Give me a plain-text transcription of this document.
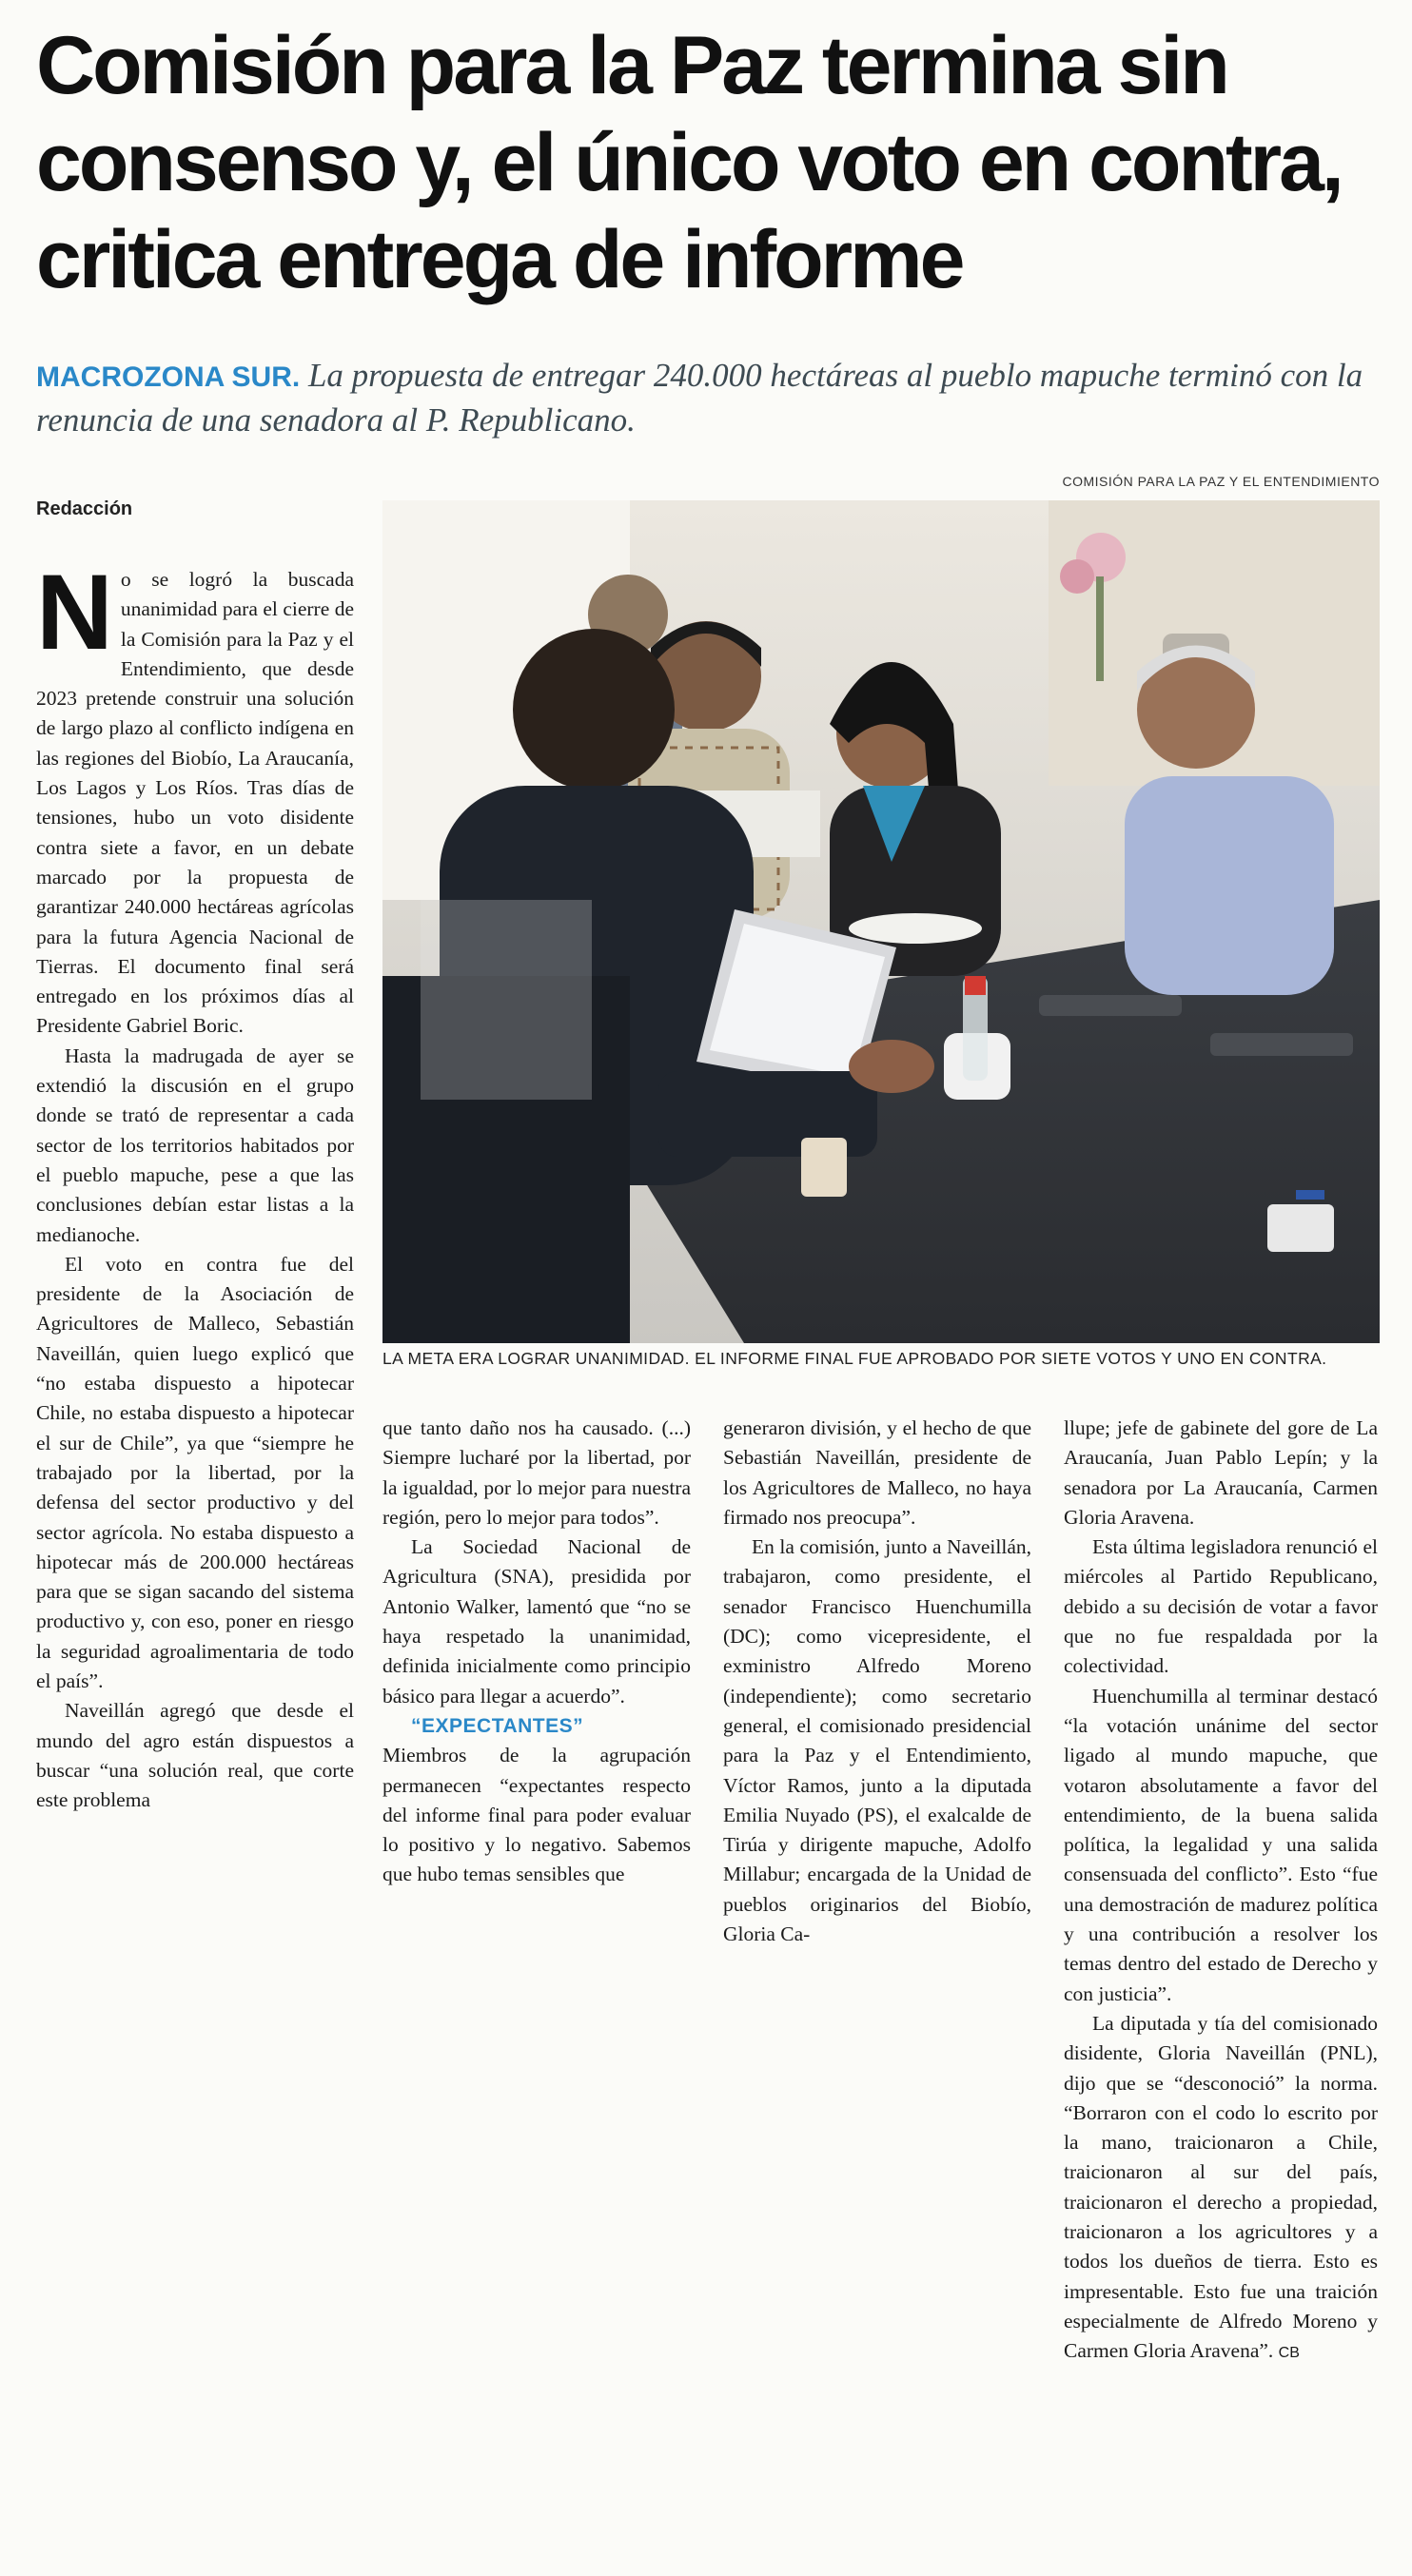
Comisión para la Paz termina sin consenso y, el único voto en contra, critica entrega de informe
MACROZONA SUR. La propuesta de entregar 240.000 hectáreas al pueblo mapuche terminó con la renuncia de una senadora al P. Republicano.
COMISIÓN PARA LA PAZ Y EL ENTENDIMIENTO
Redacción
LA META ERA LOGRAR UNANIMIDAD. EL INFORME FINAL FUE APROBADO POR SIETE VOTOS Y UNO EN CONTRA.
N o se logró la buscada unanimidad para el cierre de la Comisión para la Paz y el Entendimiento, que desde 2023 pretende construir una solución de largo plazo al conflicto indígena en las regiones del Biobío, La Araucanía, Los Lagos y Los Ríos. Tras días de tensiones, hubo un voto disidente contra siete a favor, en un debate marcado por la propuesta de garantizar 240.000 hectáreas agrícolas para la futura Agencia Nacional de Tierras. El documento final será entregado en los próximos días al Presidente Gabriel Boric.

Hasta la madrugada de ayer se extendió la discusión en el grupo donde se trató de representar a cada sector de los territorios habitados por el pueblo mapuche, pese a que las conclusiones debían estar listas a la medianoche.

El voto en contra fue del presidente de la Asociación de Agricultores de Malleco, Sebastián Naveillán, quien luego explicó que “no estaba dispuesto a hipotecar Chile, no estaba dispuesto a hipotecar el sur de Chile”, ya que “siempre he trabajado por la libertad, por la defensa del sector productivo y del sector agrícola. No estaba dispuesto a hipotecar más de 200.000 hectáreas para que se sigan sacando del sistema productivo y, con eso, poner en riesgo la seguridad agroalimentaria de todo el país”.

Naveillán agregó que desde el mundo del agro están dispuestos a buscar “una solución real, que corte este problema

que tanto daño nos ha causado. (...) Siempre lucharé por la libertad, por la igualdad, por lo mejor para nuestra región, pero lo mejor para todos”.

La Sociedad Nacional de Agricultura (SNA), presidida por Antonio Walker, lamentó que “no se haya respetado la unanimidad, definida inicialmente como principio básico para llegar a acuerdo”.

“EXPECTANTES”

Miembros de la agrupación permanecen “expectantes respecto del informe final para poder evaluar lo positivo y lo negativo. Sabemos que hubo temas sensibles que

generaron división, y el hecho de que Sebastián Naveillán, presidente de los Agricultores de Malleco, no haya firmado nos preocupa”.

En la comisión, junto a Naveillán, trabajaron, como presidente, el senador Francisco Huenchumilla (DC); como vicepresidente, el exministro Alfredo Moreno (independiente); como secretario general, el comisionado presidencial para la Paz y el Entendimiento, Víctor Ramos, junto a la diputada Emilia Nuyado (PS), el exalcalde de Tirúa y dirigente mapuche, Adolfo Millabur; encargada de la Unidad de pueblos originarios del Biobío, Gloria Ca-

llupe; jefe de gabinete del gore de La Araucanía, Juan Pablo Lepín; y la senadora por La Araucanía, Carmen Gloria Aravena.

Esta última legisladora renunció el miércoles al Partido Republicano, debido a su decisión de votar a favor que no fue respaldada por la colectividad.

Huenchumilla al terminar destacó “la votación unánime del sector ligado al mundo mapuche, que votaron absolutamente a favor del entendimiento, de la buena salida política, la legalidad y una salida consensuada del conflicto”. Esto “fue una demostración de madurez política y una contribución a resolver los temas dentro del estado de Derecho y con justicia”.

La diputada y tía del comisionado disidente, Gloria Naveillán (PNL), dijo que se “desconoció” la norma. “Borraron con el codo lo escrito por la mano, traicionaron a Chile, traicionaron al sur del país, traicionaron el derecho a propiedad, traicionaron a los agricultores y a todos los dueños de tierra. Esto es impresentable. Esto fue una traición especialmente de Alfredo Moreno y Carmen Gloria Aravena”. CB
